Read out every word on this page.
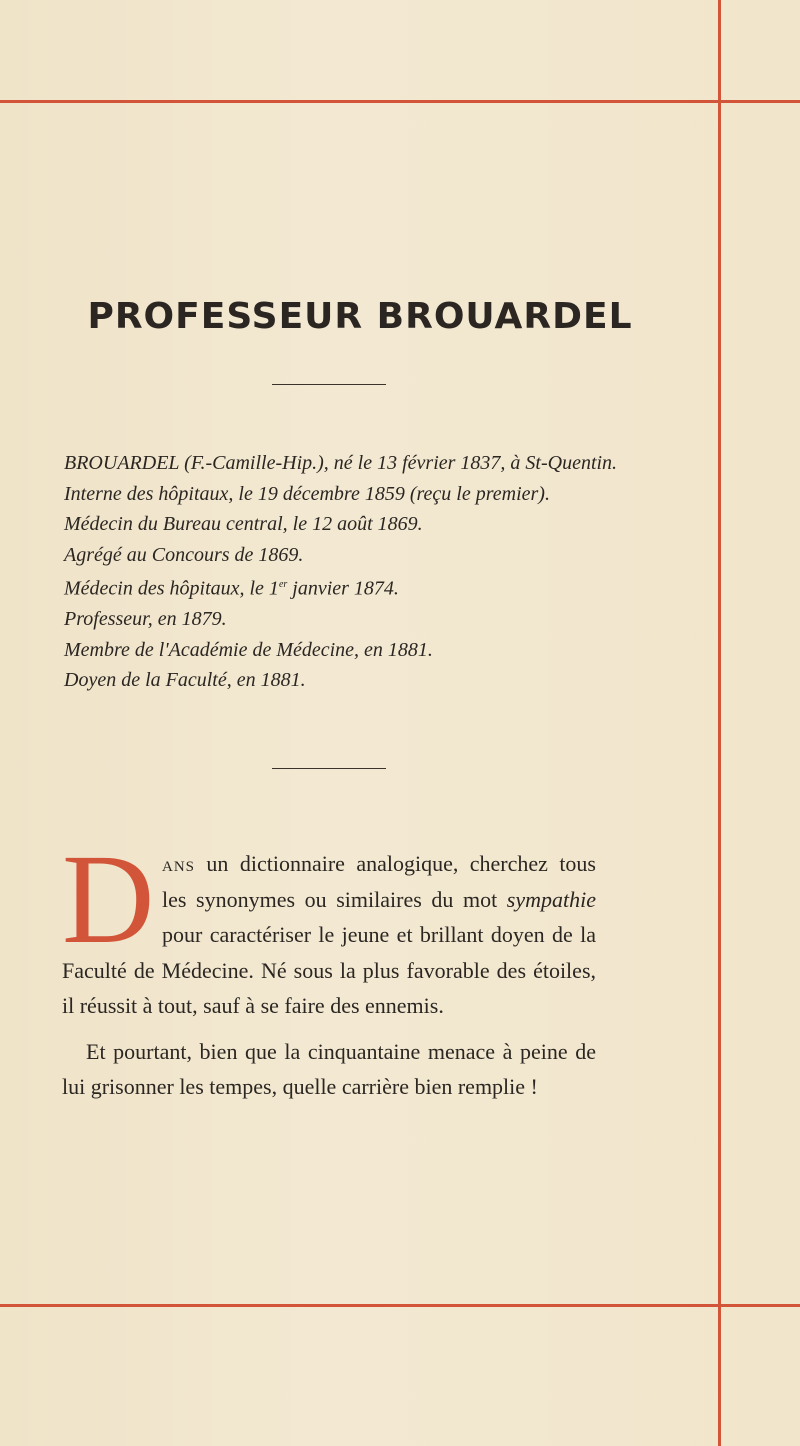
PROFESSEUR BROUARDEL

BROUARDEL (F.-Camille-Hip.), né le 13 février 1837, à St-Quentin.

Interne des hôpitaux, le 19 décembre 1859 (reçu le premier).

Médecin du Bureau central, le 12 août 1869.

Agrégé au Concours de 1869.

Médecin des hôpitaux, le 1er janvier 1874.

Professeur, en 1879.

Membre de l'Académie de Médecine, en 1881.

Doyen de la Faculté, en 1881.

D ans un dictionnaire analogique, cherchez tous les synonymes ou similaires du mot sympathie pour caractériser le jeune et brillant doyen de la Faculté de Médecine. Né sous la plus favorable des étoiles, il réussit à tout, sauf à se faire des ennemis.

Et pourtant, bien que la cinquantaine menace à peine de lui grisonner les tempes, quelle carrière bien remplie !
